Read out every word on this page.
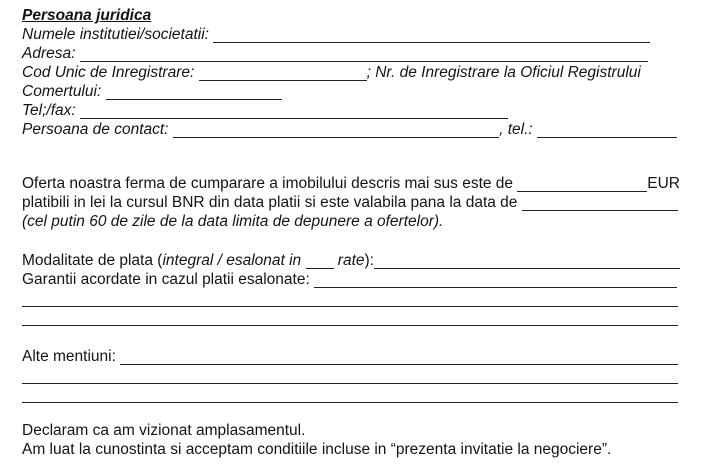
Persoana juridica
Numele institutiei/societatii:
Adresa:
Cod Unic de Inregistrare:	; Nr. de Inregistrare la Oficiul Registrului
Comertului:
Tel;/fax:
Persoana de contact:	, tel.:
Oferta noastra ferma de cumparare a imobilului descris mai sus este de	EUR
platibili in lei la cursul BNR din data platii si este valabila pana la data de
(cel putin 60 de zile de la data limita de depunere a ofertelor).
Modalitate de plata ( integral / esalonat in rate ):
Garantii acordate in cazul platii esalonate:
Alte mentiuni:
Declaram ca am vizionat amplasamentul.
Am luat la cunostinta si acceptam conditiile incluse in “prezenta invitatie la negociere”.
